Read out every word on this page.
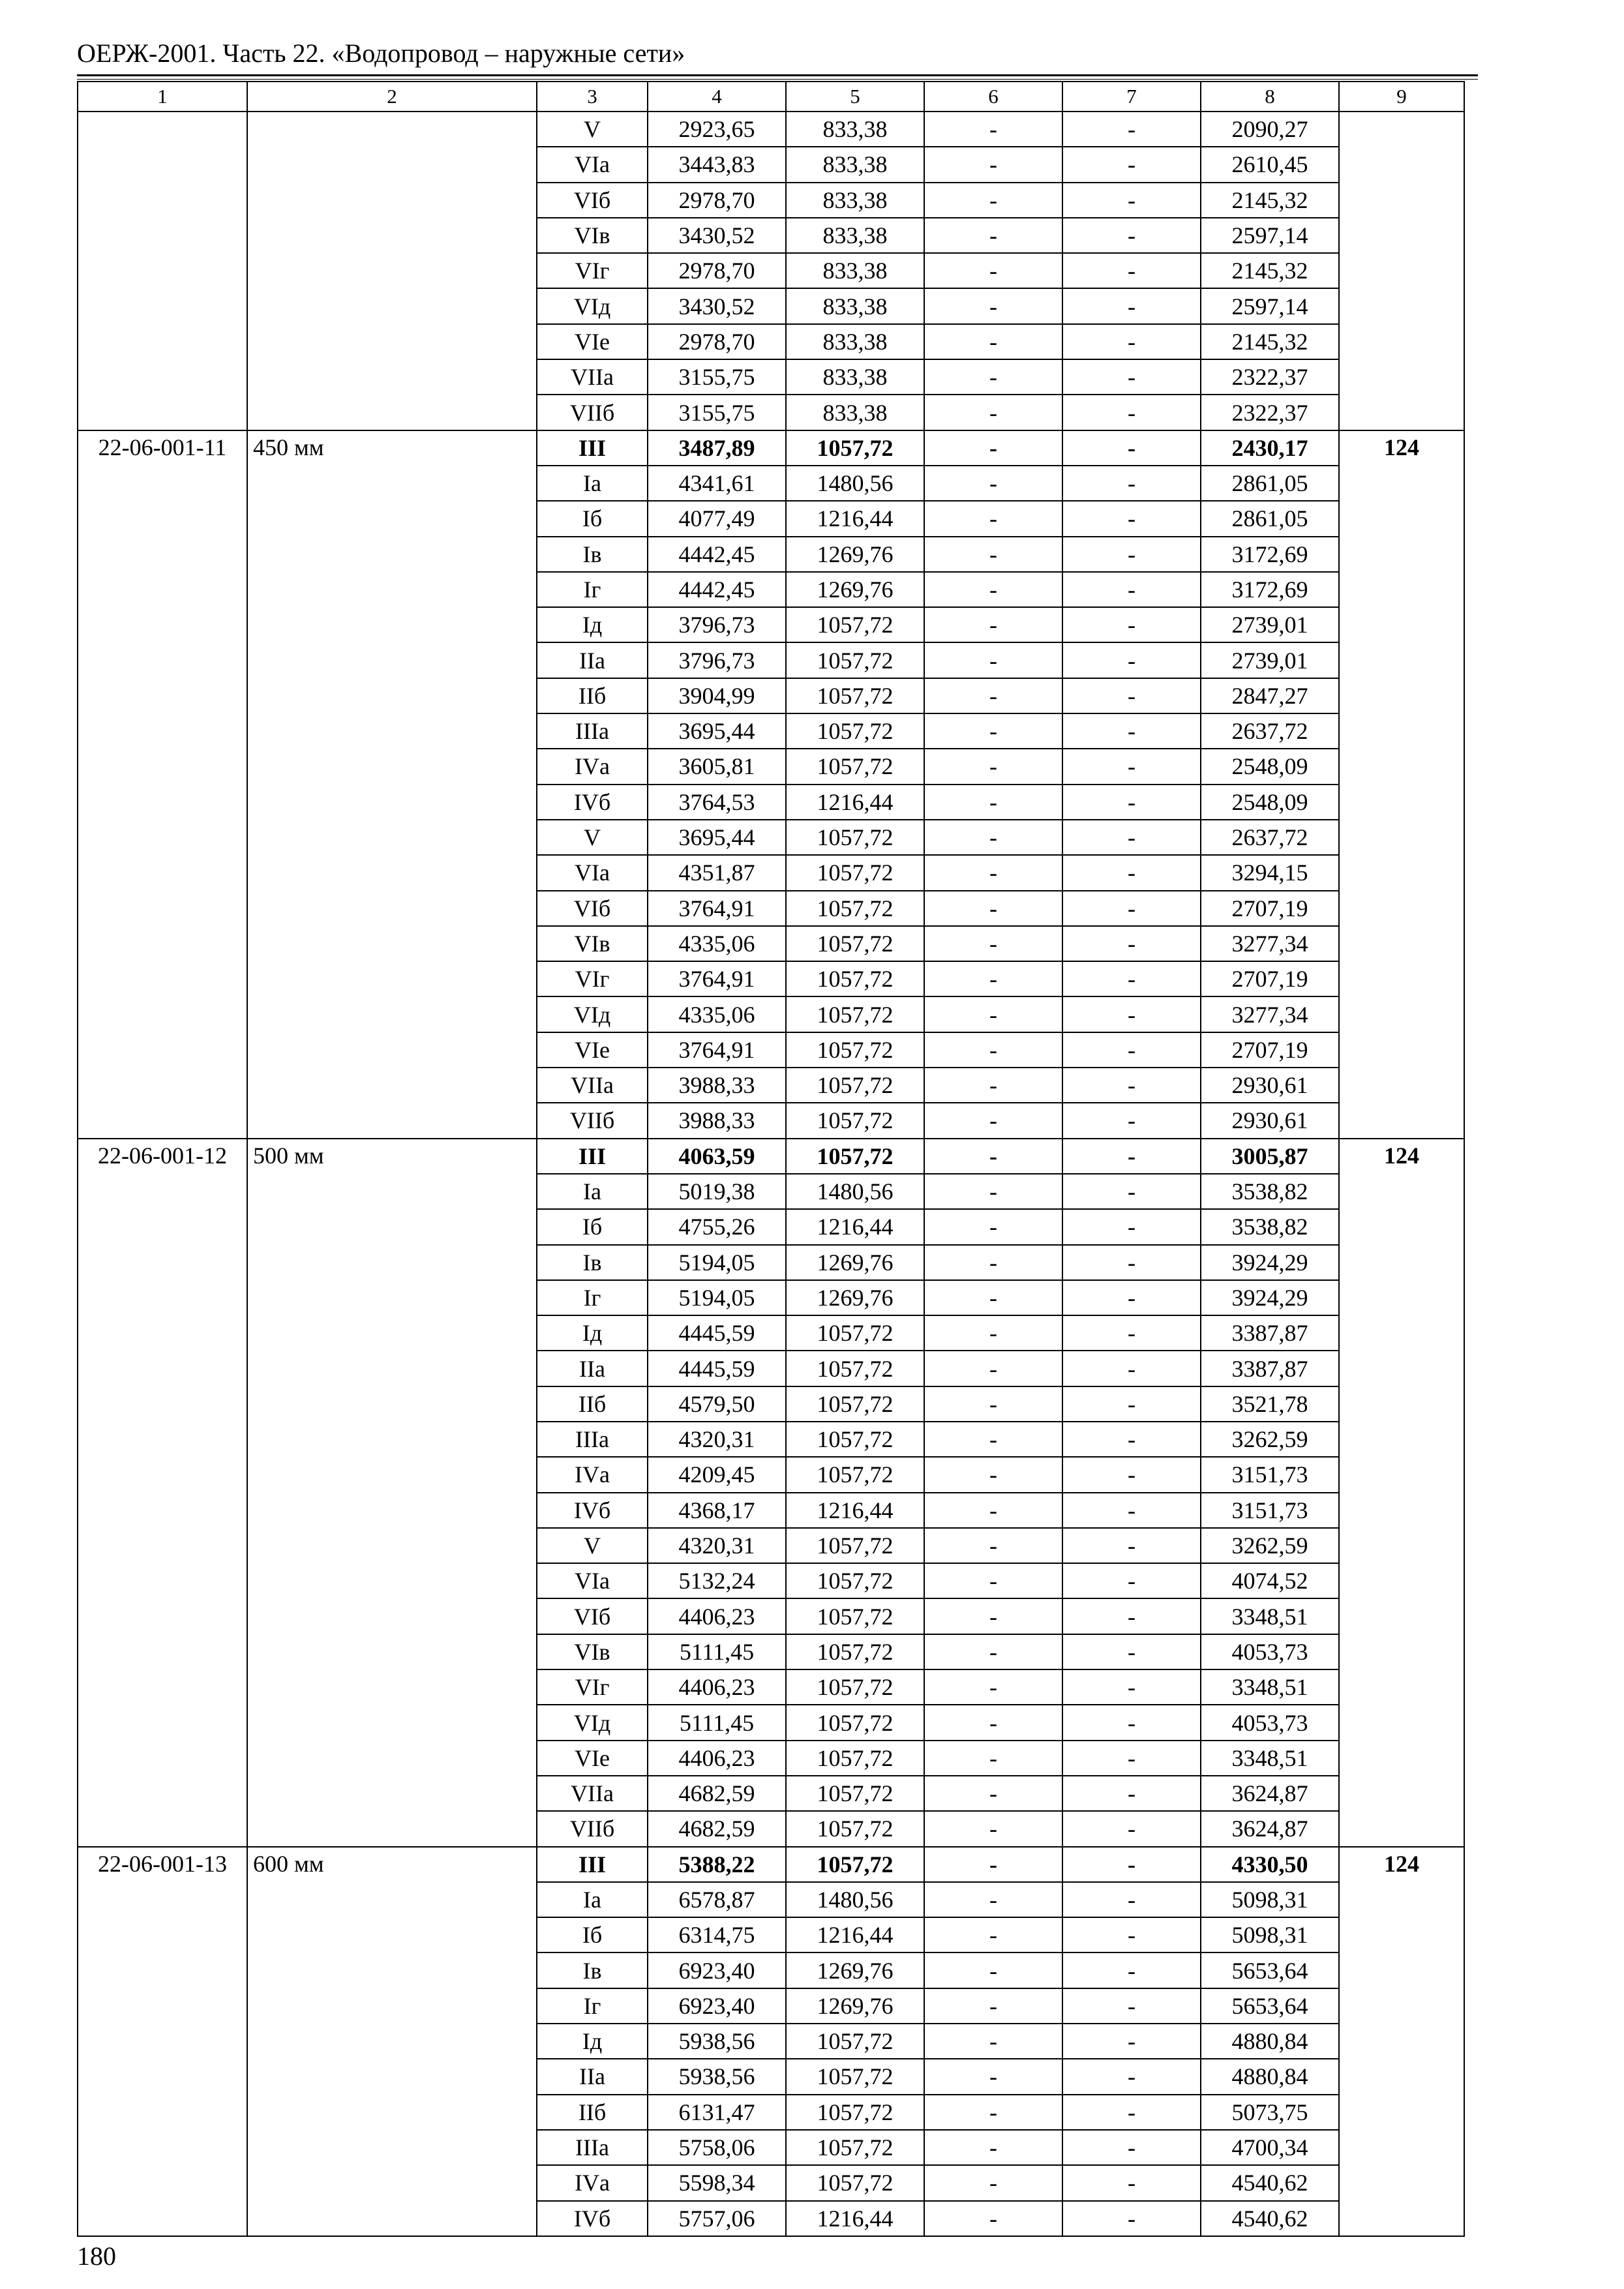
ОЕРЖ-2001. Часть 22. «Водопровод – наружные сети»
1	2	3	4	5	6	7	8	9
		V	2923,65	833,38	-	-	2090,27	
		VIа	3443,83	833,38	-	-	2610,45	
		VIб	2978,70	833,38	-	-	2145,32	
		VIв	3430,52	833,38	-	-	2597,14	
		VIг	2978,70	833,38	-	-	2145,32	
		VIд	3430,52	833,38	-	-	2597,14	
		VIе	2978,70	833,38	-	-	2145,32	
		VIIа	3155,75	833,38	-	-	2322,37	
		VIIб	3155,75	833,38	-	-	2322,37	
22-06-001-11	450 мм	III	3487,89	1057,72	-	-	2430,17	124
		Iа	4341,61	1480,56	-	-	2861,05	
		Iб	4077,49	1216,44	-	-	2861,05	
		Iв	4442,45	1269,76	-	-	3172,69	
		Iг	4442,45	1269,76	-	-	3172,69	
		Iд	3796,73	1057,72	-	-	2739,01	
		IIа	3796,73	1057,72	-	-	2739,01	
		IIб	3904,99	1057,72	-	-	2847,27	
		IIIа	3695,44	1057,72	-	-	2637,72	
		IVа	3605,81	1057,72	-	-	2548,09	
		IVб	3764,53	1216,44	-	-	2548,09	
		V	3695,44	1057,72	-	-	2637,72	
		VIа	4351,87	1057,72	-	-	3294,15	
		VIб	3764,91	1057,72	-	-	2707,19	
		VIв	4335,06	1057,72	-	-	3277,34	
		VIг	3764,91	1057,72	-	-	2707,19	
		VIд	4335,06	1057,72	-	-	3277,34	
		VIе	3764,91	1057,72	-	-	2707,19	
		VIIа	3988,33	1057,72	-	-	2930,61	
		VIIб	3988,33	1057,72	-	-	2930,61	
22-06-001-12	500 мм	III	4063,59	1057,72	-	-	3005,87	124
		Iа	5019,38	1480,56	-	-	3538,82	
		Iб	4755,26	1216,44	-	-	3538,82	
		Iв	5194,05	1269,76	-	-	3924,29	
		Iг	5194,05	1269,76	-	-	3924,29	
		Iд	4445,59	1057,72	-	-	3387,87	
		IIа	4445,59	1057,72	-	-	3387,87	
		IIб	4579,50	1057,72	-	-	3521,78	
		IIIа	4320,31	1057,72	-	-	3262,59	
		IVа	4209,45	1057,72	-	-	3151,73	
		IVб	4368,17	1216,44	-	-	3151,73	
		V	4320,31	1057,72	-	-	3262,59	
		VIа	5132,24	1057,72	-	-	4074,52	
		VIб	4406,23	1057,72	-	-	3348,51	
		VIв	5111,45	1057,72	-	-	4053,73	
		VIг	4406,23	1057,72	-	-	3348,51	
		VIд	5111,45	1057,72	-	-	4053,73	
		VIе	4406,23	1057,72	-	-	3348,51	
		VIIа	4682,59	1057,72	-	-	3624,87	
		VIIб	4682,59	1057,72	-	-	3624,87	
22-06-001-13	600 мм	III	5388,22	1057,72	-	-	4330,50	124
		Iа	6578,87	1480,56	-	-	5098,31	
		Iб	6314,75	1216,44	-	-	5098,31	
		Iв	6923,40	1269,76	-	-	5653,64	
		Iг	6923,40	1269,76	-	-	5653,64	
		Iд	5938,56	1057,72	-	-	4880,84	
		IIа	5938,56	1057,72	-	-	4880,84	
		IIб	6131,47	1057,72	-	-	5073,75	
		IIIа	5758,06	1057,72	-	-	4700,34	
		IVа	5598,34	1057,72	-	-	4540,62	
		IVб	5757,06	1216,44	-	-	4540,62	
180
